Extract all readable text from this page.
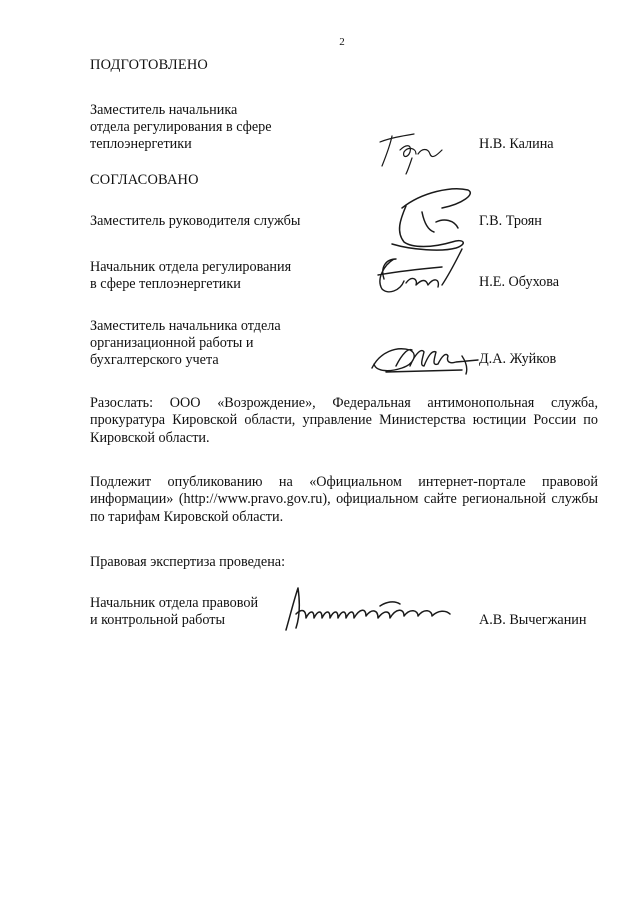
2
ПОДГОТОВЛЕНО
Заместитель начальника
отдела регулирования в сфере
теплоэнергетики	Н.В. Калина
СОГЛАСОВАНО
Заместитель руководителя службы	Г.В. Троян
Начальник отдела регулирования
в сфере теплоэнергетики	Н.Е. Обухова
Заместитель начальника отдела
организационной работы и
бухгалтерского учета	Д.А. Жуйков
Разослать: ООО «Возрождение», Федеральная антимонопольная служба, прокуратура Кировской области, управление Министерства юстиции России по Кировской области.
Подлежит опубликованию на «Официальном интернет-портале правовой информации» (http://www.pravo.gov.ru), официальном сайте региональной службы по тарифам Кировской области.
Правовая экспертиза проведена:
Начальник отдела правовой
и контрольной работы	А.В. Вычегжанин
